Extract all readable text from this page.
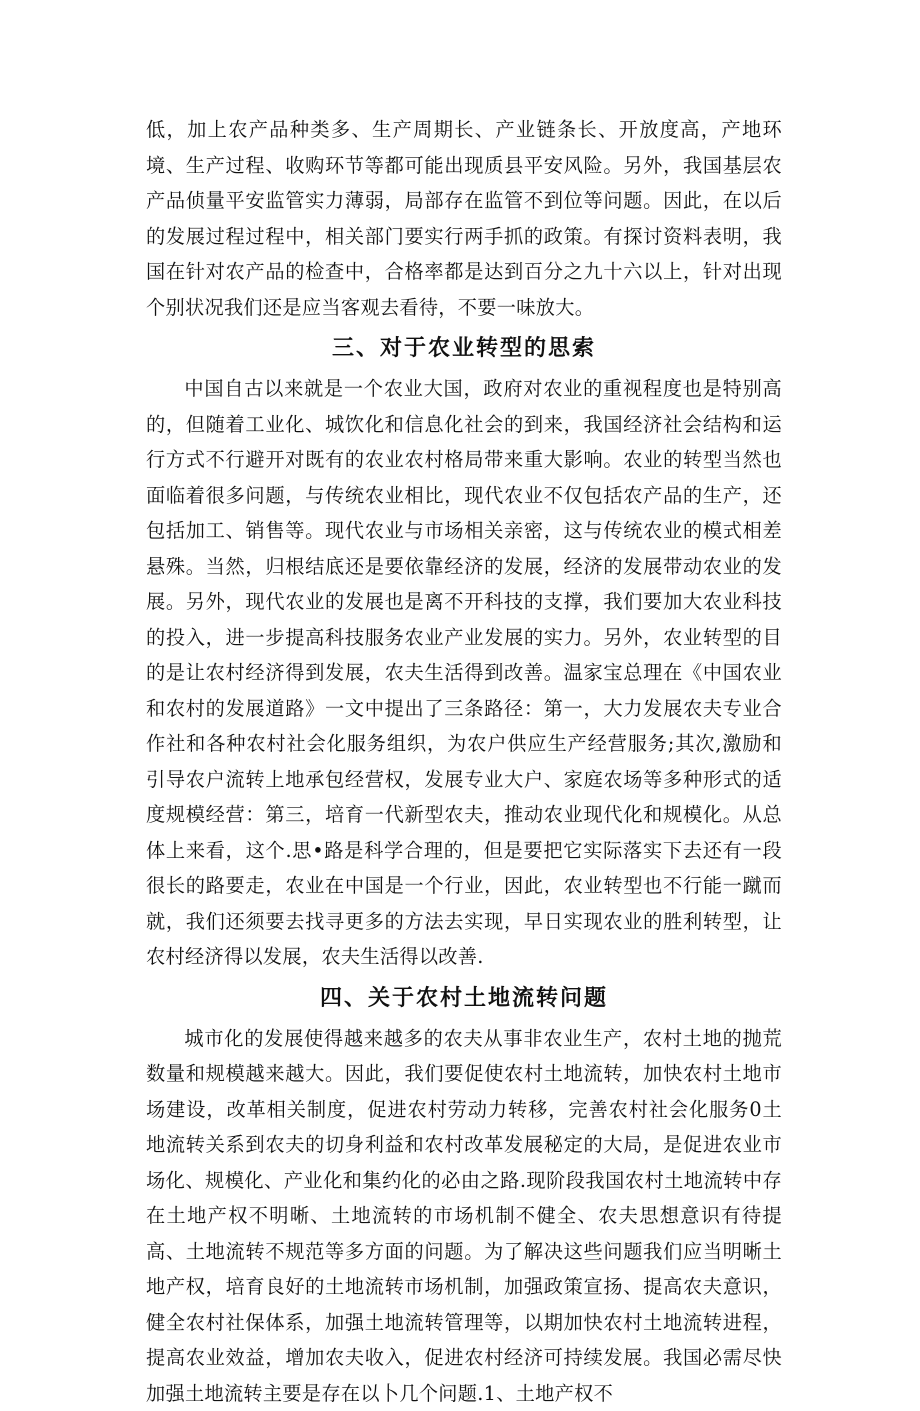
低，加上农产品种类多、生产周期长、产业链条长、开放度高，产地环境、生产过程、收购环节等都可能出现质县平安风险。另外，我国基层农产品侦量平安监管实力薄弱，局部存在监管不到位等问题。因此，在以后的发展过程过程中，相关部门要实行两手抓的政策。有探讨资料表明，我国在针对农产品的检查中，合格率都是达到百分之九十六以上，针对出现个别状况我们还是应当客观去看待，不要一味放大。

三、对于农业转型的思索

中国自古以来就是一个农业大国，政府对农业的重视程度也是特别高的，但随着工业化、城饮化和信息化社会的到来，我国经济社会结构和运行方式不行避开对既有的农业农村格局带来重大影响。农业的转型当然也面临着很多问题，与传统农业相比，现代农业不仅包括农产品的生产，还包括加工、销售等。现代农业与市场相关亲密，这与传统农业的模式相差悬殊。当然，归根结底还是要依靠经济的发展，经济的发展带动农业的发展。另外，现代农业的发展也是离不开科技的支撑，我们要加大农业科技的投入，进一步提高科技服务农业产业发展的实力。另外，农业转型的目的是让农村经济得到发展，农夫生活得到改善。温家宝总理在《中国农业和农村的发展道路》一文中提出了三条路径：第一，大力发展农夫专业合作社和各种农村社会化服务组织，为农户供应生产经营服务;其次,激励和引导农户流转上地承包经营权，发展专业大户、家庭农场等多种形式的适度规模经营：第三，培育一代新型农夫，推动农业现代化和规模化。从总体上来看，这个.思•路是科学合理的，但是要把它实际落实下去还有一段很长的路要走，农业在中国是一个行业，因此，农业转型也不行能一蹴而就，我们还须要去找寻更多的方法去实现，早日实现农业的胜利转型，让农村经济得以发展，农夫生活得以改善.

四、关于农村土地流转问题

城市化的发展使得越来越多的农夫从事非农业生产，农村土地的抛荒数量和规模越来越大。因此，我们要促使农村土地流转，加快农村土地市场建设，改革相关制度，促进农村劳动力转移，完善农村社会化服务0土地流转关系到农夫的切身利益和农村改革发展秘定的大局，是促进农业市场化、规模化、产业化和集约化的必由之路.现阶段我国农村土地流转中存在土地产权不明晰、土地流转的市场机制不健全、农夫思想意识有待提高、土地流转不规范等多方面的问题。为了解决这些问题我们应当明晰土地产权，培育良好的土地流转市场机制，加强政策宣扬、提高农夫意识，健全农村社保体系，加强土地流转管理等，以期加快农村土地流转进程，提高农业效益，增加农夫收入，促进农村经济可持续发展。我国必需尽快加强土地流转主要是存在以卜几个问题.1、土地产权不
